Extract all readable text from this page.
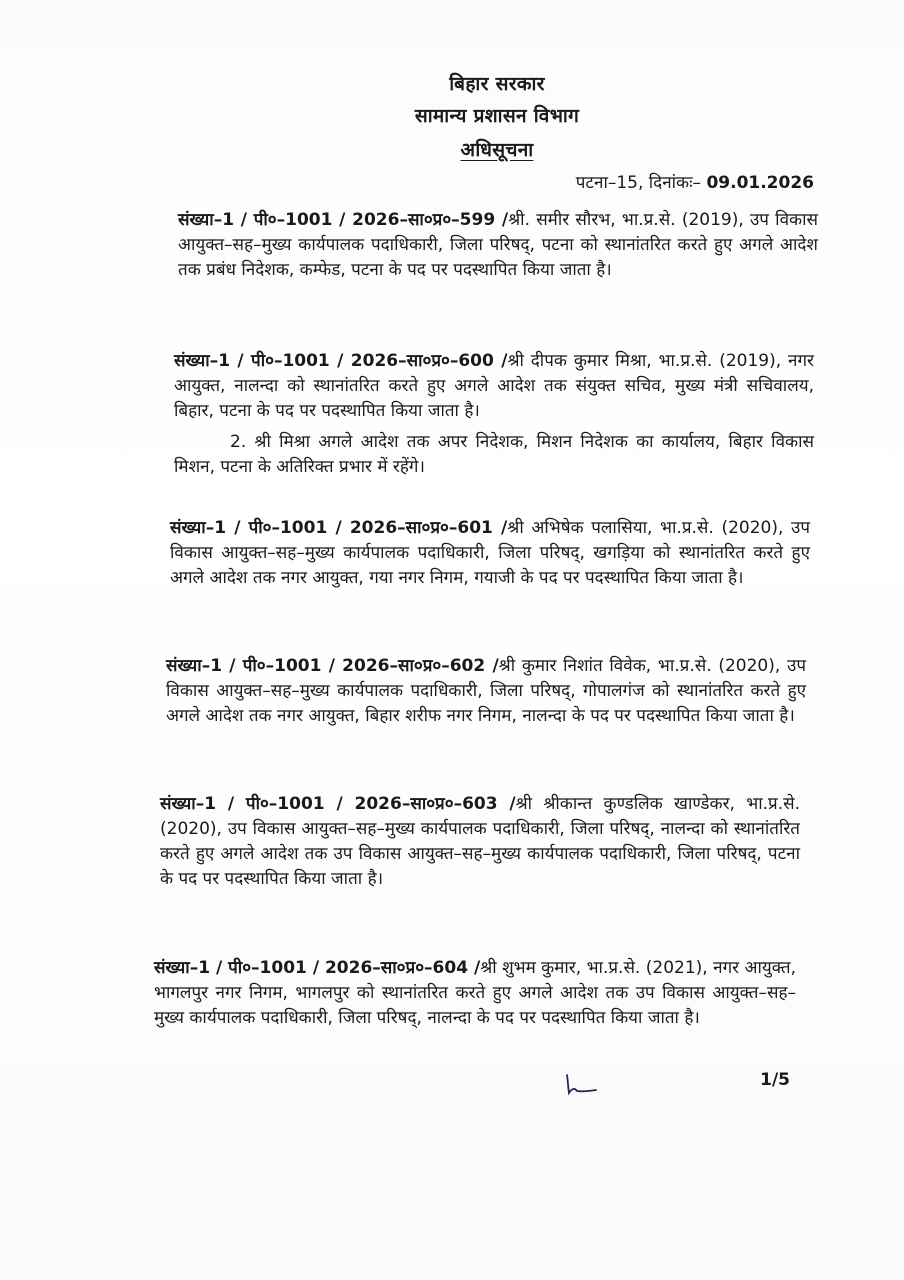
बिहार सरकार
सामान्य प्रशासन विभाग
अधिसूचना
पटना–15, दिनांकः– 09.01.2026
संख्या–1 / पी०–1001 / 2026–सा०प्र०–599 /श्री. समीर सौरभ, भा.प्र.से. (2019), उप विकास आयुक्त–सह–मुख्य कार्यपालक पदाधिकारी, जिला परिषद्, पटना को स्थानांतरित करते हुए अगले आदेश तक प्रबंध निदेशक, कम्फेड, पटना के पद पर पदस्थापित किया जाता है।
संख्या–1 / पी०–1001 / 2026–सा०प्र०–600 /श्री दीपक कुमार मिश्रा, भा.प्र.से. (2019), नगर आयुक्त, नालन्दा को स्थानांतरित करते हुए अगले आदेश तक संयुक्त सचिव, मुख्य मंत्री सचिवालय, बिहार, पटना के पद पर पदस्थापित किया जाता है।
2. श्री मिश्रा अगले आदेश तक अपर निदेशक, मिशन निदेशक का कार्यालय, बिहार विकास मिशन, पटना के अतिरिक्त प्रभार में रहेंगे।
संख्या–1 / पी०–1001 / 2026–सा०प्र०–601 /श्री अभिषेक पलासिया, भा.प्र.से. (2020), उप विकास आयुक्त–सह–मुख्य कार्यपालक पदाधिकारी, जिला परिषद्, खगड़िया को स्थानांतरित करते हुए अगले आदेश तक नगर आयुक्त, गया नगर निगम, गयाजी के पद पर पदस्थापित किया जाता है।
संख्या–1 / पी०–1001 / 2026–सा०प्र०–602 /श्री कुमार निशांत विवेक, भा.प्र.से. (2020), उप विकास आयुक्त–सह–मुख्य कार्यपालक पदाधिकारी, जिला परिषद्, गोपालगंज को स्थानांतरित करते हुए अगले आदेश तक नगर आयुक्त, बिहार शरीफ नगर निगम, नालन्दा के पद पर पदस्थापित किया जाता है।
संख्या–1 / पी०–1001 / 2026–सा०प्र०–603 /श्री श्रीकान्त कुण्डलिक खाण्डेकर, भा.प्र.से. (2020), उप विकास आयुक्त–सह–मुख्य कार्यपालक पदाधिकारी, जिला परिषद्, नालन्दा को स्थानांतरित करते हुए अगले आदेश तक उप विकास आयुक्त–सह–मुख्य कार्यपालक पदाधिकारी, जिला परिषद्, पटना के पद पर पदस्थापित किया जाता है।
संख्या–1 / पी०–1001 / 2026–सा०प्र०–604 /श्री शुभम कुमार, भा.प्र.से. (2021), नगर आयुक्त, भागलपुर नगर निगम, भागलपुर को स्थानांतरित करते हुए अगले आदेश तक उप विकास आयुक्त–सह–मुख्य कार्यपालक पदाधिकारी, जिला परिषद्, नालन्दा के पद पर पदस्थापित किया जाता है।
1/5
